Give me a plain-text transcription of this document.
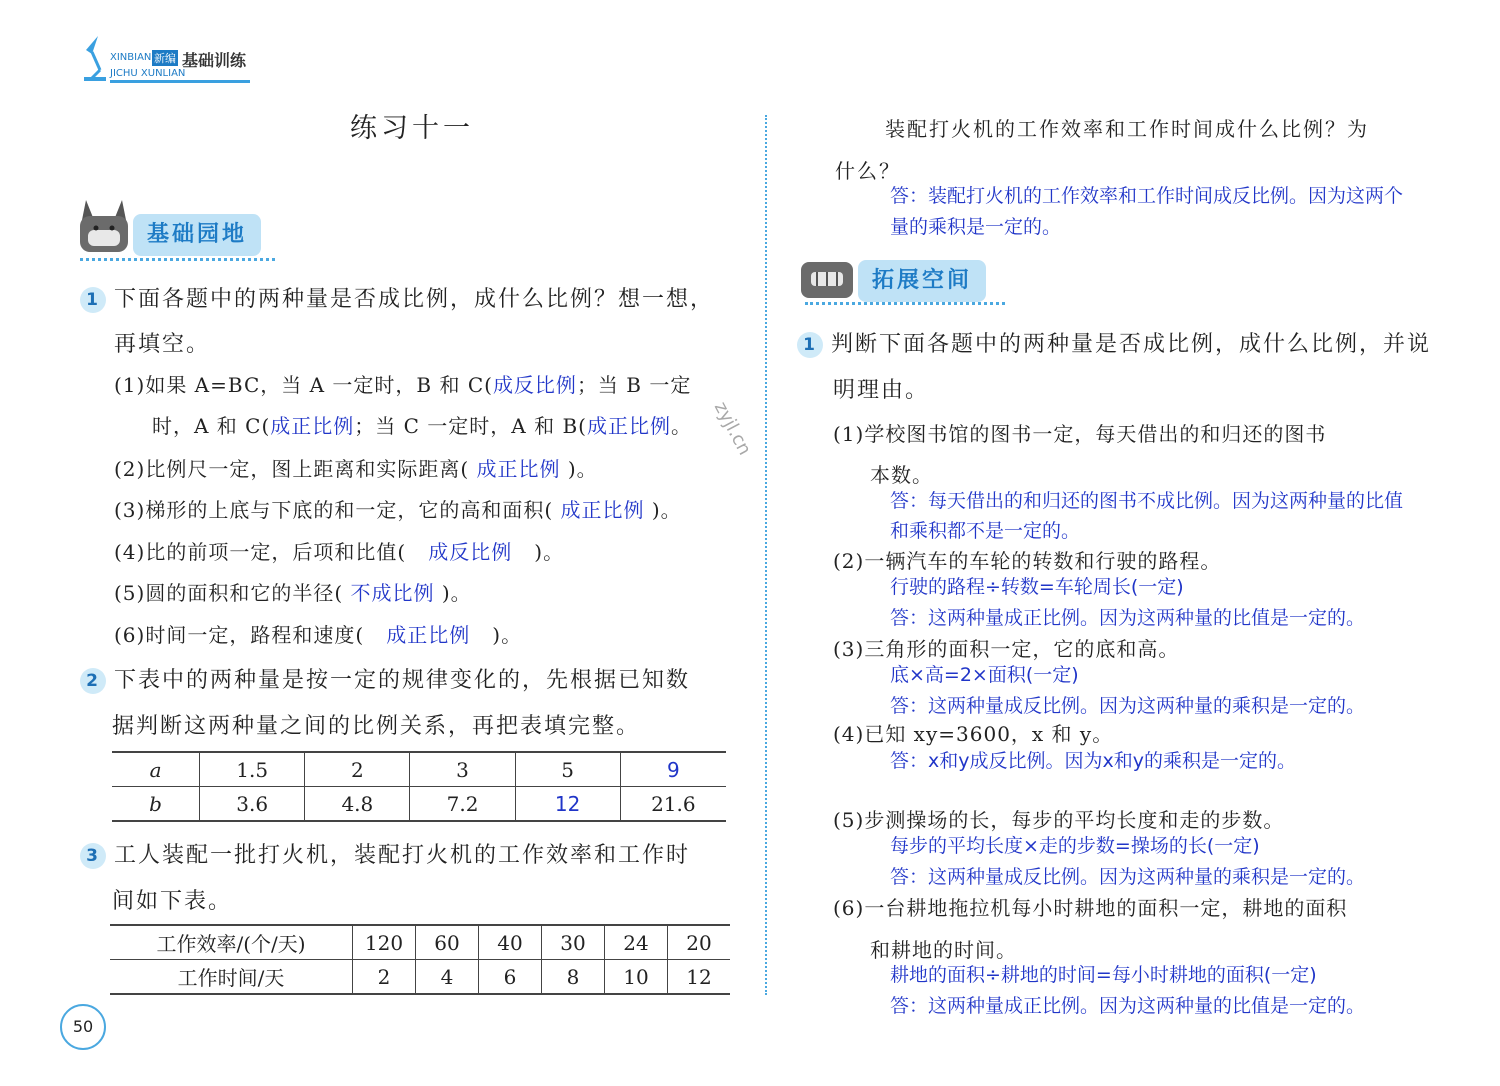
XINBIAN 新编 基础训练
JICHU XUNLIAN
练习十一
基础园地
1 下面各题中的两种量是否成比例，成什么比例？想一想，
再填空。
(1)如果 A=BC，当 A 一定时，B 和 C(成反比例；当 B 一定
时，A 和 C(成正比例；当 C 一定时，A 和 B(成正比例。
(2)比例尺一定，图上距离和实际距离( 成正比例 )。
(3)梯形的上底与下底的和一定，它的高和面积( 成正比例 )。
(4)比的前项一定，后项和比值( 成反比例 )。
(5)圆的面积和它的半径( 不成比例 )。
(6)时间一定，路程和速度( 成正比例 )。
2 下表中的两种量是按一定的规律变化的，先根据已知数
据判断这两种量之间的比例关系，再把表填完整。
a	1.5	2	3	5	9
b	3.6	4.8	7.2	12	21.6
3 工人装配一批打火机，装配打火机的工作效率和工作时
间如下表。
工作效率/(个/天)	120	60	40	30	24	20
工作时间/天	2	4	6	8	10	12
50
zyjl.cn
装配打火机的工作效率和工作时间成什么比例？为
什么？
答：装配打火机的工作效率和工作时间成反比例。因为这两个
量的乘积是一定的。
拓展空间
1 判断下面各题中的两种量是否成比例，成什么比例，并说
明理由。
(1)学校图书馆的图书一定，每天借出的和归还的图书
本数。
答：每天借出的和归还的图书不成比例。因为这两种量的比值
和乘积都不是一定的。
(2)一辆汽车的车轮的转数和行驶的路程。
行驶的路程÷转数=车轮周长(一定)
答：这两种量成正比例。因为这两种量的比值是一定的。
(3)三角形的面积一定，它的底和高。
底×高=2×面积(一定)
答：这两种量成反比例。因为这两种量的乘积是一定的。
(4)已知 xy=3600，x 和 y。
答：x和y成反比例。因为x和y的乘积是一定的。
(5)步测操场的长，每步的平均长度和走的步数。
每步的平均长度×走的步数=操场的长(一定)
答：这两种量成反比例。因为这两种量的乘积是一定的。
(6)一台耕地拖拉机每小时耕地的面积一定，耕地的面积
和耕地的时间。
耕地的面积÷耕地的时间=每小时耕地的面积(一定)
答：这两种量成正比例。因为这两种量的比值是一定的。
